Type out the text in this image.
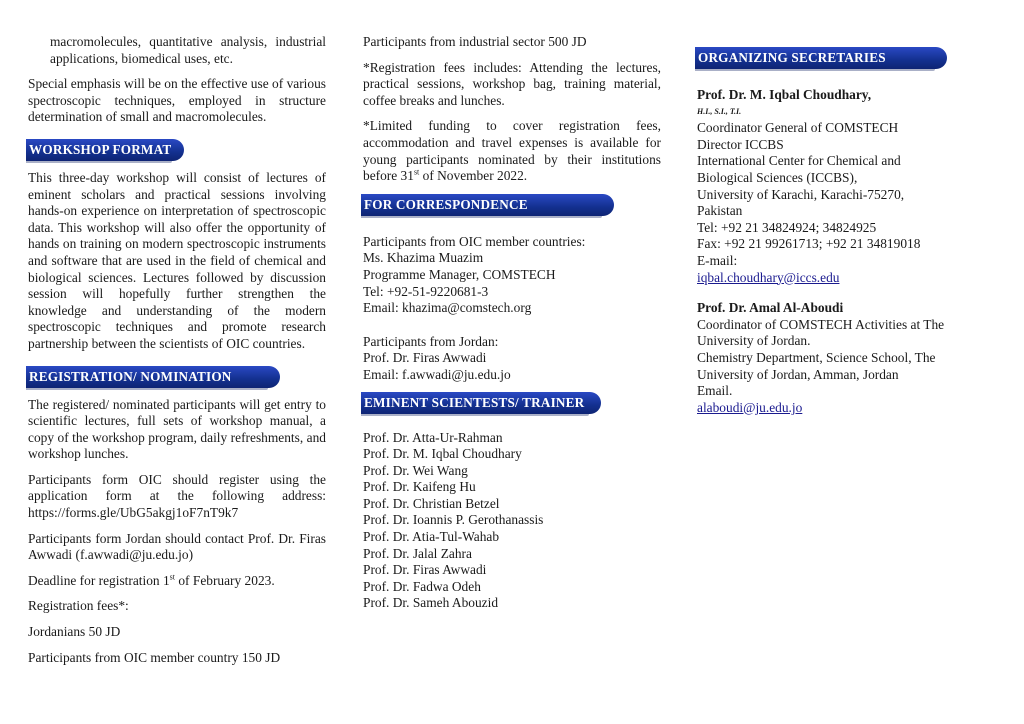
macromolecules, quantitative analysis, industrial applications, biomedical uses, etc.

Special emphasis will be on the effective use of various spectroscopic techniques, employed in structure determination of small and macromolecules.

WORKSHOP FORMAT

This three-day workshop will consist of lectures of eminent scholars and practical sessions involving hands-on experience on interpretation of spectroscopic data. This workshop will also offer the opportunity of hands on training on modern spectroscopic instruments and software that are used in the field of chemical and biological sciences. Lectures followed by discussion session will hopefully further strengthen the knowledge and understanding of the modern spectroscopic techniques and promote research partnership between the scientists of OIC countries.

REGISTRATION/ NOMINATION

The registered/ nominated participants will get entry to scientific lectures, full sets of workshop manual, a copy of the workshop program, daily refreshments, and workshop lunches.

Participants form OIC should register using the application form at the following address: https://forms.gle/UbG5akgj1oF7nT9k7

Participants form Jordan should contact Prof. Dr. Firas Awwadi (f.awwadi@ju.edu.jo)

Deadline for registration 1st of February 2023.

Registration fees*:

Jordanians 50 JD

Participants from OIC member country 150 JD

Participants from industrial sector 500 JD

*Registration fees includes: Attending the lectures, practical sessions, workshop bag, training material, coffee breaks and lunches.

*Limited funding to cover registration fees, accommodation and travel expenses is available for young participants nominated by their institutions before 31st of November 2022.

FOR CORRESPONDENCE
Participants from OIC member countries:
Ms. Khazima Muazim
Programme Manager, COMSTECH
Tel: +92-51-9220681-3
Email: khazima@comstech.org
Participants from Jordan:
Prof. Dr. Firas Awwadi
Email: f.awwadi@ju.edu.jo
EMINENT SCIENTESTS/ TRAINER
Prof. Dr. Atta-Ur-Rahman
Prof. Dr. M. Iqbal Choudhary
Prof. Dr. Wei Wang
Prof. Dr. Kaifeng Hu
Prof. Dr. Christian Betzel
Prof. Dr. Ioannis P. Gerothanassis
Prof. Dr. Atia-Tul-Wahab
Prof. Dr. Jalal Zahra
Prof. Dr. Firas Awwadi
Prof. Dr. Fadwa Odeh
Prof. Dr. Sameh Abouzid
ORGANIZING SECRETARIES
Prof. Dr. M. Iqbal Choudhary,
H.I., S.I., T.I.
Coordinator General of COMSTECH
Director ICCBS
International Center for Chemical and
Biological Sciences (ICCBS),
University of Karachi, Karachi-75270,
Pakistan
Tel: +92 21 34824924; 34824925
Fax: +92 21 99261713; +92 21 34819018
E-mail:
iqbal.choudhary@iccs.edu
Prof. Dr. Amal Al-Aboudi
Coordinator of COMSTECH Activities at The
University of Jordan.
Chemistry Department, Science School, The
University of Jordan, Amman, Jordan
Email.
alaboudi@ju.edu.jo
